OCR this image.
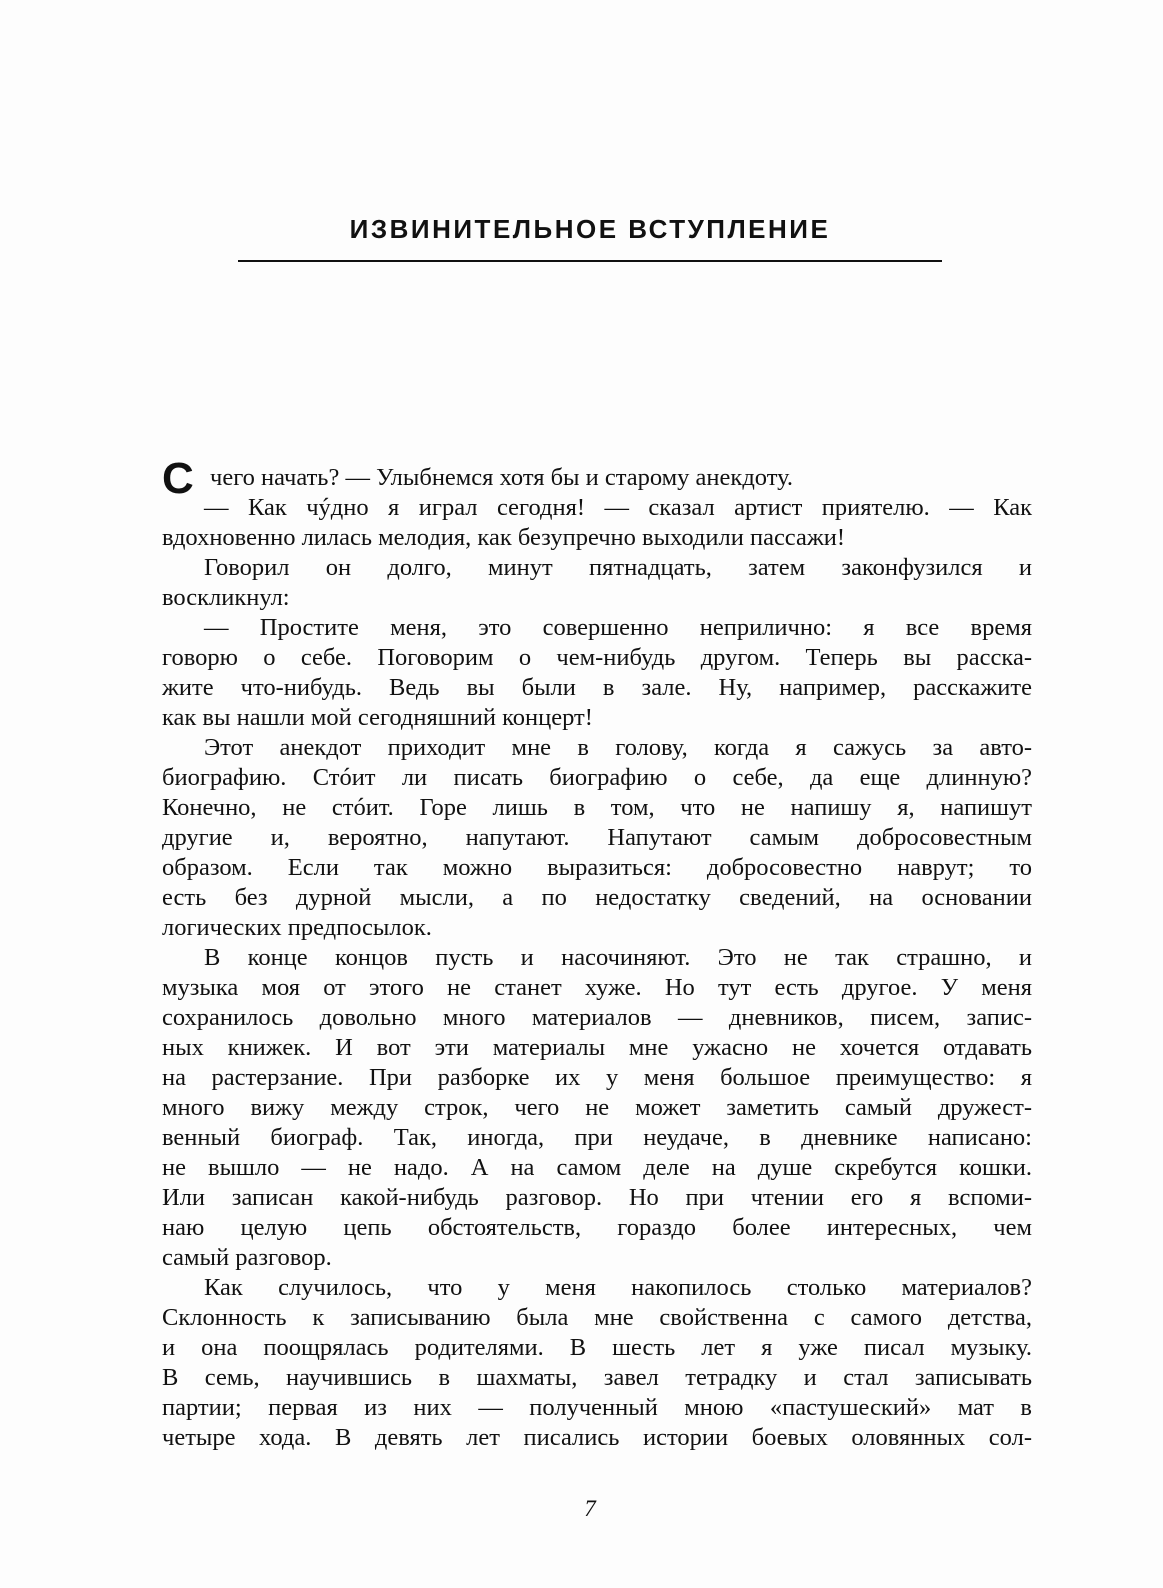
ИЗВИНИТЕЛЬНОЕ ВСТУПЛЕНИЕ
С чего начать? — Улыбнемся хотя бы и старому анекдоту.
— Как чýдно я играл сегодня! — сказал артист приятелю. — Как
вдохновенно лилась мелодия, как безупречно выходили пассажи!
Говорил он долго, минут пятнадцать, затем законфузился и
воскликнул:
— Простите меня, это совершенно неприлично: я все время
говорю о себе. Поговорим о чем-нибудь другом. Теперь вы расска-
жите что-нибудь. Ведь вы были в зале. Ну, например, расскажите
как вы нашли мой сегодняшний концерт!
Этот анекдот приходит мне в голову, когда я сажусь за авто-
биографию. Стóит ли писать биографию о себе, да еще длинную?
Конечно, не стóит. Горе лишь в том, что не напишу я, напишут
другие и, вероятно, напутают. Напутают самым добросовестным
образом. Если так можно выразиться: добросовестно наврут; то
есть без дурной мысли, а по недостатку сведений, на основании
логических предпосылок.
В конце концов пусть и насочиняют. Это не так страшно, и
музыка моя от этого не станет хуже. Но тут есть другое. У меня
сохранилось довольно много материалов — дневников, писем, запис-
ных книжек. И вот эти материалы мне ужасно не хочется отдавать
на растерзание. При разборке их у меня большое преимущество: я
много вижу между строк, чего не может заметить самый дружест-
венный биограф. Так, иногда, при неудаче, в дневнике написано:
не вышло — не надо. А на самом деле на душе скребутся кошки.
Или записан какой-нибудь разговор. Но при чтении его я вспоми-
наю целую цепь обстоятельств, гораздо более интересных, чем
самый разговор.
Как случилось, что у меня накопилось столько материалов?
Склонность к записыванию была мне свойственна с самого детства,
и она поощрялась родителями. В шесть лет я уже писал музыку.
В семь, научившись в шахматы, завел тетрадку и стал записывать
партии; первая из них — полученный мною «пастушеский» мат в
четыре хода. В девять лет писались истории боевых оловянных сол-
7
